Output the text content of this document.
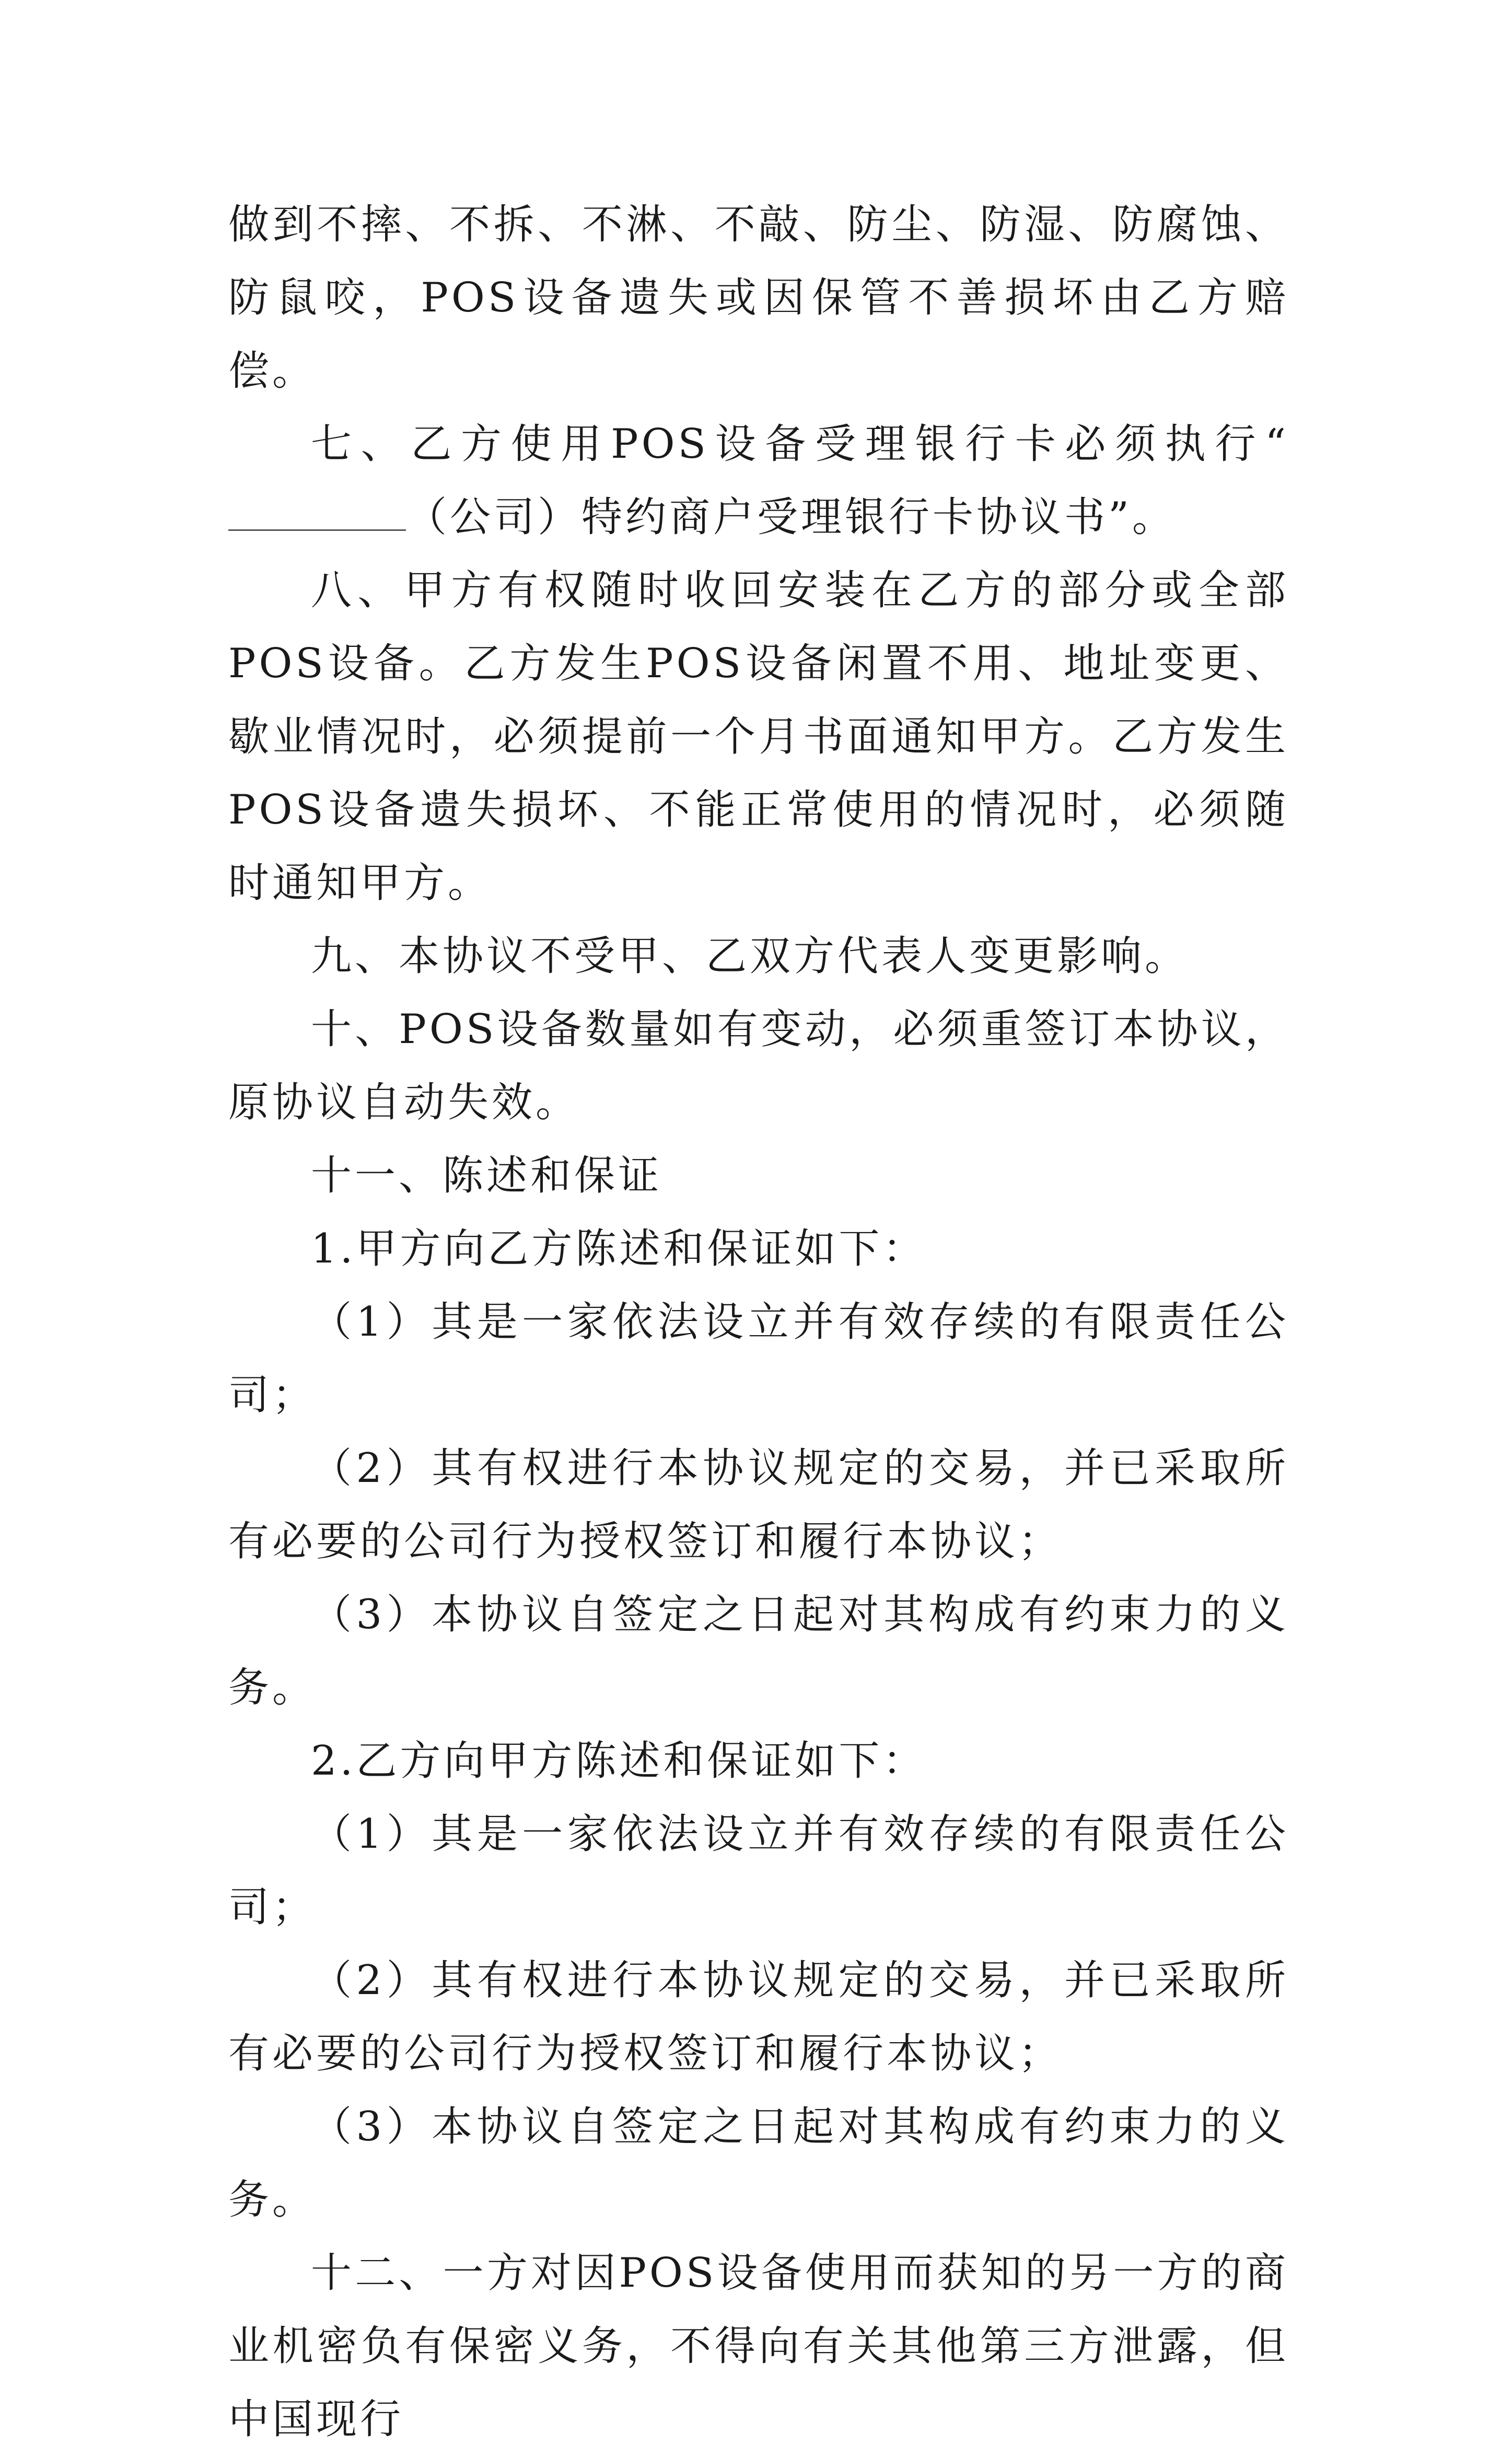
做到不摔、不拆、不淋、不敲、防尘、防湿、防腐蚀、防鼠咬，POS设备遗失或因保管不善损坏由乙方赔偿。

七、乙方使用POS设备受理银行卡必须执行“（公司）特约商户受理银行卡协议书”。

八、甲方有权随时收回安装在乙方的部分或全部POS设备。乙方发生POS设备闲置不用、地址变更、歇业情况时，必须提前一个月书面通知甲方。乙方发生POS设备遗失损坏、不能正常使用的情况时，必须随时通知甲方。

九、本协议不受甲、乙双方代表人变更影响。

十、POS设备数量如有变动，必须重签订本协议，原协议自动失效。

十一、陈述和保证

1.甲方向乙方陈述和保证如下：

（1）其是一家依法设立并有效存续的有限责任公司；

（2）其有权进行本协议规定的交易，并已采取所有必要的公司行为授权签订和履行本协议；

（3）本协议自签定之日起对其构成有约束力的义务。

2.乙方向甲方陈述和保证如下：

（1）其是一家依法设立并有效存续的有限责任公司；

（2）其有权进行本协议规定的交易，并已采取所有必要的公司行为授权签订和履行本协议；

（3）本协议自签定之日起对其构成有约束力的义务。

十二、一方对因POS设备使用而获知的另一方的商业机密负有保密义务，不得向有关其他第三方泄露，但中国现行
